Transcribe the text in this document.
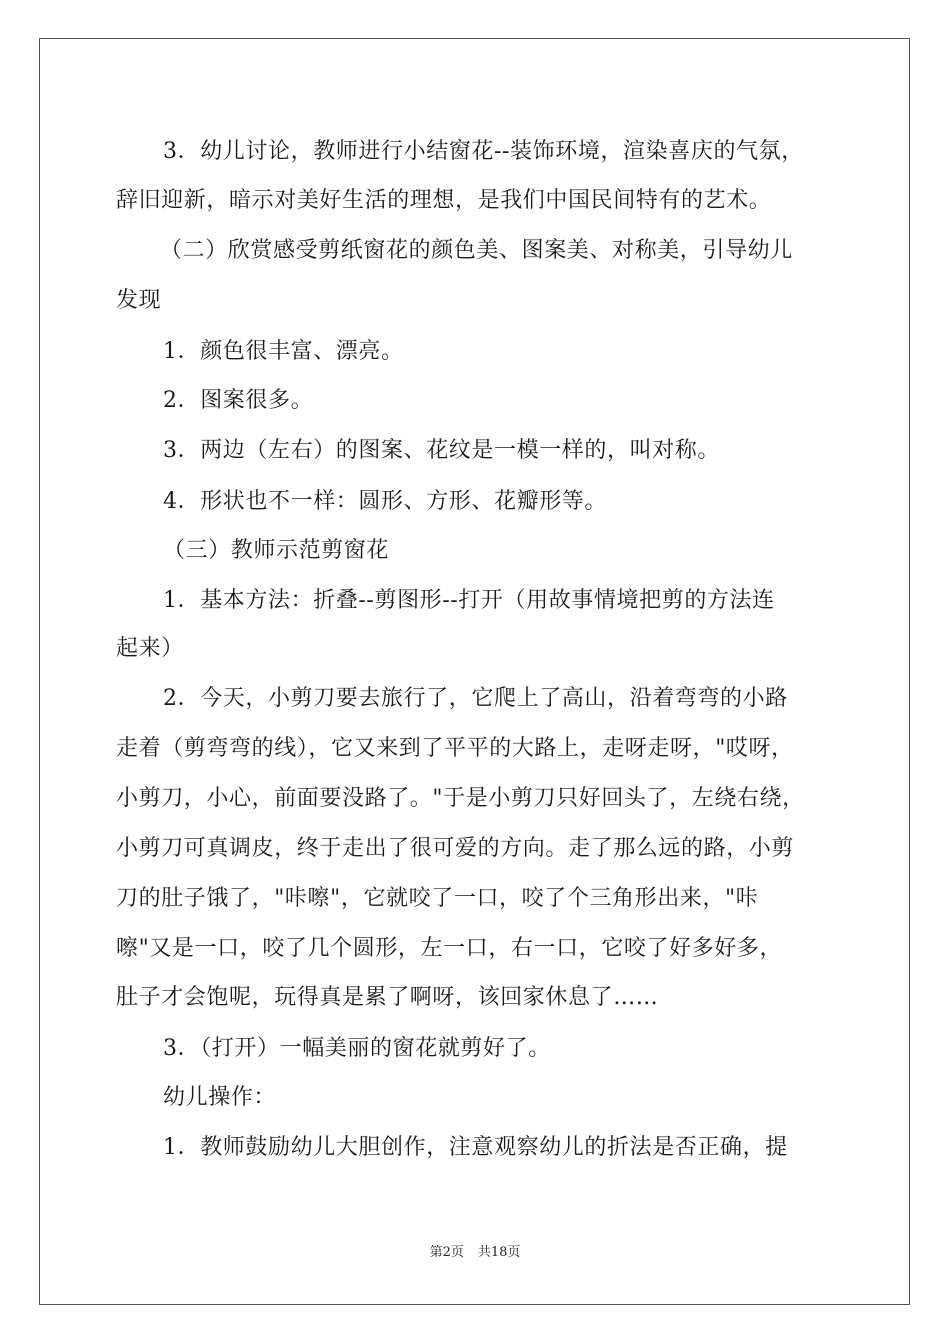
3．幼儿讨论，教师进行小结窗花--装饰环境，渲染喜庆的气氛，
辞旧迎新，暗示对美好生活的理想，是我们中国民间特有的艺术。
（二）欣赏感受剪纸窗花的颜色美、图案美、对称美，引导幼儿
发现
1．颜色很丰富、漂亮。
2．图案很多。
3．两边（左右）的图案、花纹是一模一样的，叫对称。
4．形状也不一样：圆形、方形、花瓣形等。
（三）教师示范剪窗花
1．基本方法：折叠--剪图形--打开（用故事情境把剪的方法连
起来）
2．今天，小剪刀要去旅行了，它爬上了高山，沿着弯弯的小路
走着（剪弯弯的线），它又来到了平平的大路上，走呀走呀，"哎呀，
小剪刀，小心，前面要没路了。"于是小剪刀只好回头了，左绕右绕，
小剪刀可真调皮，终于走出了很可爱的方向。走了那么远的路，小剪
刀的肚子饿了，"咔嚓"，它就咬了一口，咬了个三角形出来，"咔
嚓"又是一口，咬了几个圆形，左一口，右一口，它咬了好多好多，
肚子才会饱呢，玩得真是累了啊呀，该回家休息了……
3．（打开）一幅美丽的窗花就剪好了。
幼儿操作：
1．教师鼓励幼儿大胆创作，注意观察幼儿的折法是否正确，提
第2页 共18页
